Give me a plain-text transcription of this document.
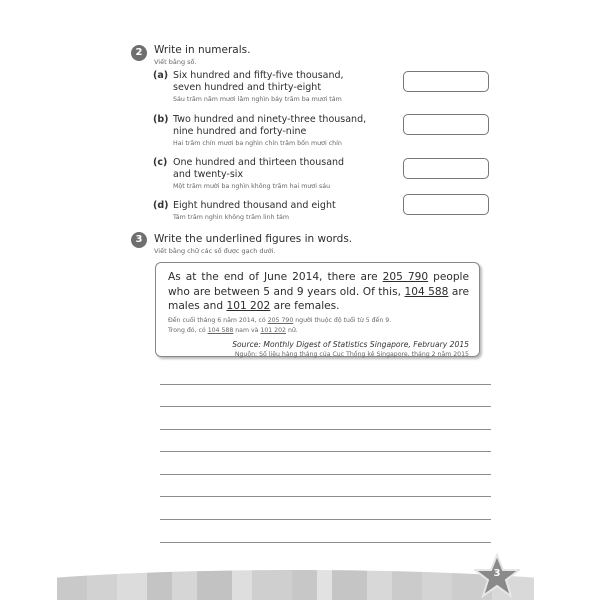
2	Write in numerals.
Viết bằng số.
(a) Six hundred and fifty-five thousand,
seven hundred and thirty-eight
Sáu trăm năm mươi lăm nghìn bảy trăm ba mươi tám
(b) Two hundred and ninety-three thousand,
nine hundred and forty-nine
Hai trăm chín mươi ba nghìn chín trăm bốn mươi chín
(c) One hundred and thirteen thousand
and twenty-six
Một trăm mười ba nghìn không trăm hai mươi sáu
(d) Eight hundred thousand and eight
Tám trăm nghìn không trăm linh tám
3	Write the underlined figures in words.
Viết bằng chữ các số được gạch dưới.
As at the end of June 2014, there are 205 790 people who are between 5 and 9 years old. Of this, 104 588 are males and 101 202 are females.
Đến cuối tháng 6 năm 2014, có 205 790 người thuộc độ tuổi từ 5 đến 9.
Trong đó, có 104 588 nam và 101 202 nữ.
Source: Monthly Digest of Statistics Singapore, February 2015
Nguồn: Số liệu hàng tháng của Cục Thống kê Singapore, tháng 2 năm 2015
3
